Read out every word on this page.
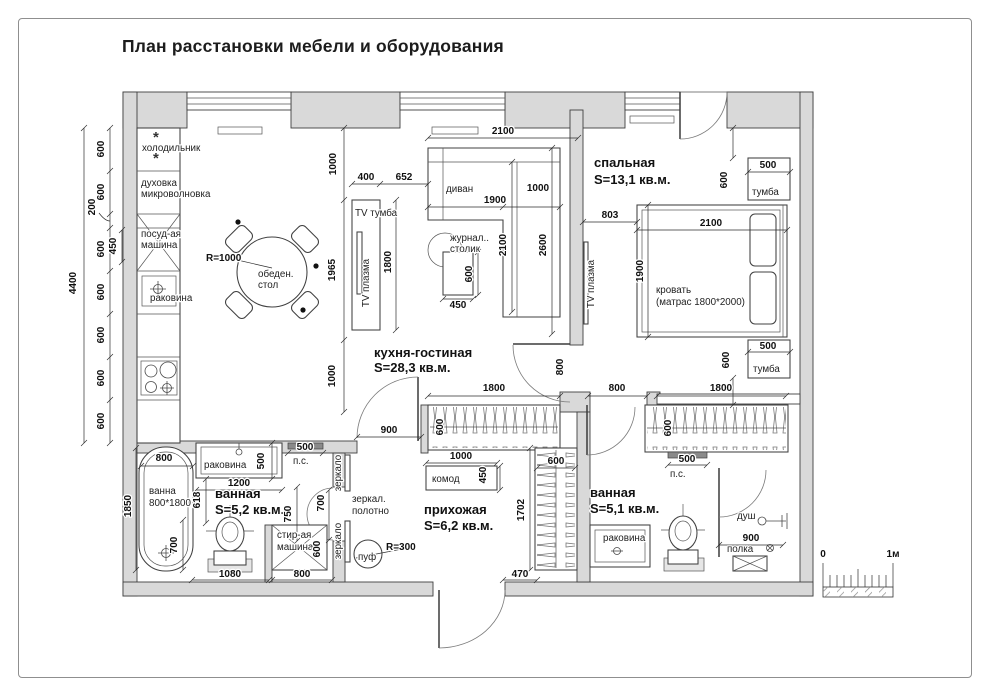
План расстановки мебели и оборудования
кухня-гостиная
S=28,3 кв.м.
спальная
S=13,1 кв.м.
прихожая
S=6,2 кв.м.
ванная
S=5,2 кв.м.
ванная
S=5,1 кв.м.
холодильник
*
*
духовка
микроволновка
посуд-ая
машина
раковина
обеден.
стол
R=1000
TV тумба
TV плазма
диван
журнал..
столик
TV плазма	кровать
(матрас 1800*2000)
тумба
тумба
комод
зеркало
зеркало
зеркал.
полотно
пуф
R=300
ванна
800*1800
раковина	п.с.
стир-ая
машина
п.с.
раковина
душ
полка
4400
600
600
200
450
600
600
600
600
600
1000
1965
1000
400 652
1800
2100
1900
1000
2100	2600
600
450
800
803
2100
1900
500
600
500
600
1800	800	1800
600	600
900
1000
450
600
1702
470
800
1850
700
1200
500
618
500
750
700
600
1080	800
500
900
0	1м
